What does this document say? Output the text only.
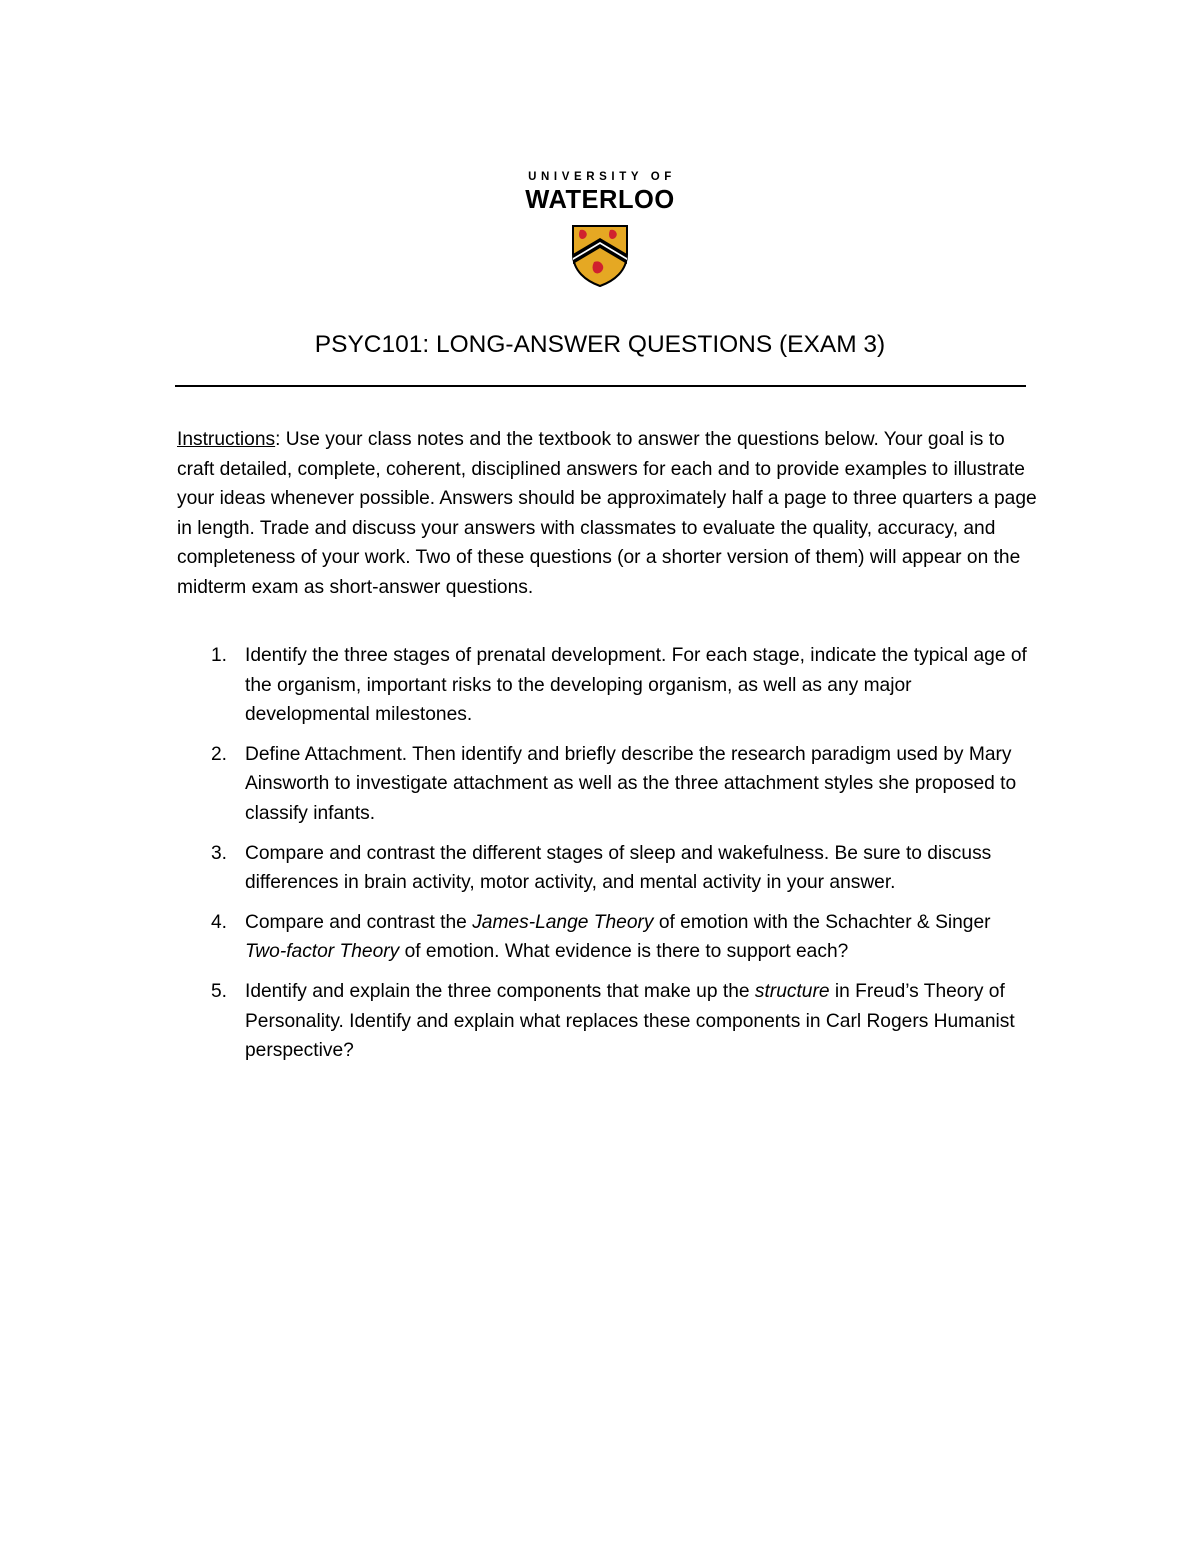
UNIVERSITY OF
WATERLOO
PSYC101: LONG-ANSWER QUESTIONS (EXAM 3)

Instructions: Use your class notes and the textbook to answer the questions below. Your goal is to craft detailed, complete, coherent, disciplined answers for each and to provide examples to illustrate your ideas whenever possible. Answers should be approximately half a page to three quarters a page in length. Trade and discuss your answers with classmates to evaluate the quality, accuracy, and completeness of your work. Two of these questions (or a shorter version of them) will appear on the midterm exam as short-answer questions.

1. Identify the three stages of prenatal development. For each stage, indicate the typical age of the organism, important risks to the developing organism, as well as any major developmental milestones.
2. Define Attachment. Then identify and briefly describe the research paradigm used by Mary Ainsworth to investigate attachment as well as the three attachment styles she proposed to classify infants.
3. Compare and contrast the different stages of sleep and wakefulness. Be sure to discuss differences in brain activity, motor activity, and mental activity in your answer.
4. Compare and contrast the James-Lange Theory of emotion with the Schachter & Singer Two-factor Theory of emotion. What evidence is there to support each?
5. Identify and explain the three components that make up the structure in Freud’s Theory of Personality. Identify and explain what replaces these components in Carl Rogers Humanist perspective?
